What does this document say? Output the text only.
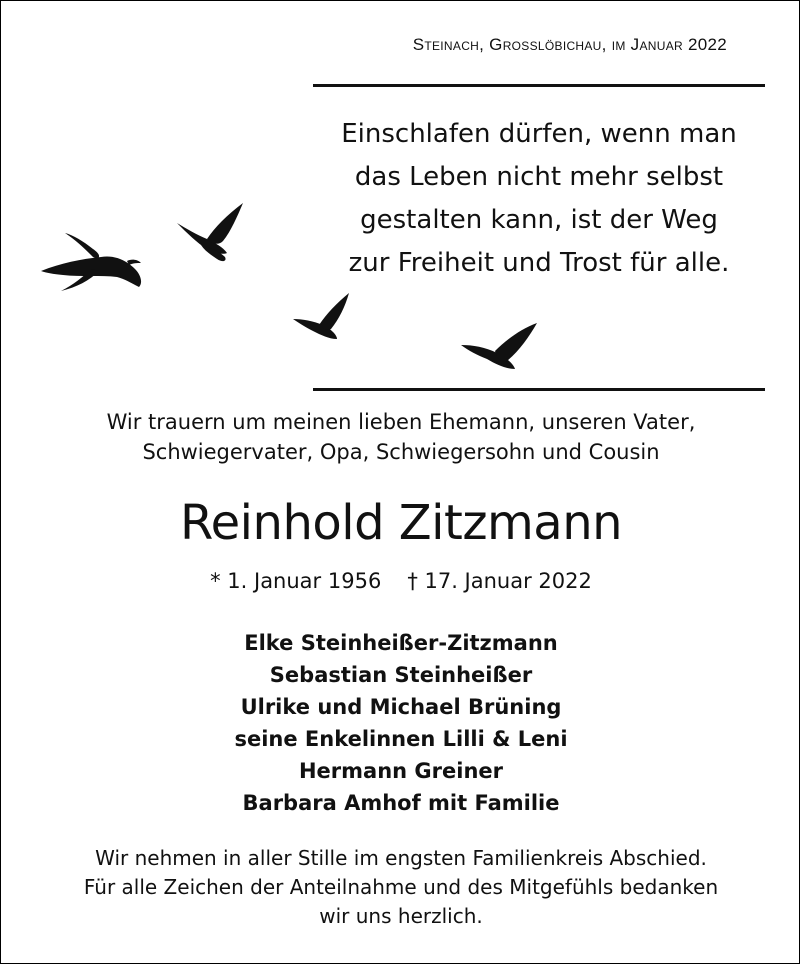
Steinach, Grosslöbichau, im Januar 2022
Einschlafen dürfen, wenn man
das Leben nicht mehr selbst
gestalten kann, ist der Weg
zur Freiheit und Trost für alle.
Wir trauern um meinen lieben Ehemann, unseren Vater,
Schwiegervater, Opa, Schwiegersohn und Cousin
Reinhold Zitzmann
* 1. Januar 1956 † 17. Januar 2022
Elke Steinheißer-Zitzmann
Sebastian Steinheißer
Ulrike und Michael Brüning
seine Enkelinnen Lilli & Leni
Hermann Greiner
Barbara Amhof mit Familie
Wir nehmen in aller Stille im engsten Familienkreis Abschied.
Für alle Zeichen der Anteilnahme und des Mitgefühls bedanken
wir uns herzlich.
